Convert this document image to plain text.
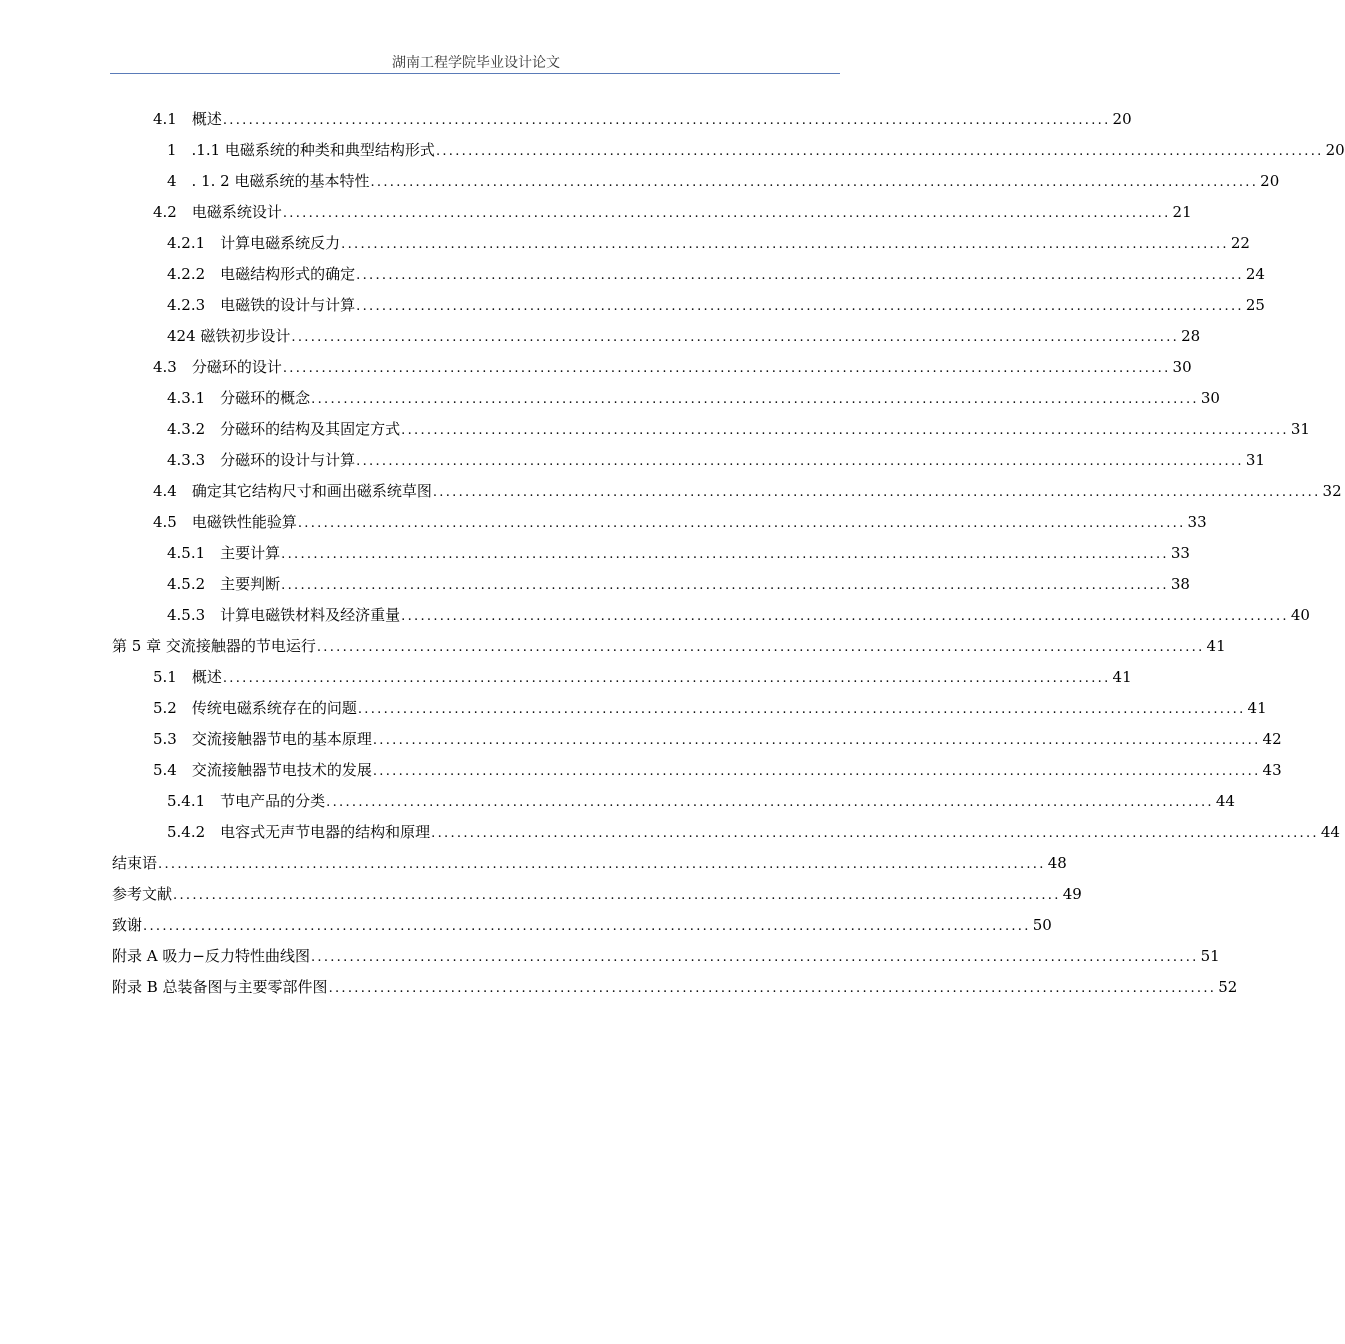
湖南工程学院毕业设计论文
4.1　概述 .......................................................................................................................................... 20
1　.1.1 电磁系统的种类和典型结构形式 .......................................................................................................................................... 20
4　. 1. 2 电磁系统的基本特性 .......................................................................................................................................... 20
4.2　电磁系统设计 .......................................................................................................................................... 21
4.2.1　计算电磁系统反力 .......................................................................................................................................... 22
4.2.2　电磁结构形式的确定 .......................................................................................................................................... 24
4.2.3　电磁铁的设计与计算 .......................................................................................................................................... 25
424 磁铁初步设计 .......................................................................................................................................... 28
4.3　分磁环的设计 .......................................................................................................................................... 30
4.3.1　分磁环的概念 .......................................................................................................................................... 30
4.3.2　分磁环的结构及其固定方式 .......................................................................................................................................... 31
4.3.3　分磁环的设计与计算 .......................................................................................................................................... 31
4.4　确定其它结构尺寸和画出磁系统草图 .......................................................................................................................................... 32
4.5　电磁铁性能验算 .......................................................................................................................................... 33
4.5.1　主要计算 .......................................................................................................................................... 33
4.5.2　主要判断 .......................................................................................................................................... 38
4.5.3　计算电磁铁材料及经济重量 .......................................................................................................................................... 40
第 5 章 交流接触器的节电运行 .......................................................................................................................................... 41
5.1　概述 .......................................................................................................................................... 41
5.2　传统电磁系统存在的问题 .......................................................................................................................................... 41
5.3　交流接触器节电的基本原理 .......................................................................................................................................... 42
5.4　交流接触器节电技术的发展 .......................................................................................................................................... 43
5.4.1　节电产品的分类 .......................................................................................................................................... 44
5.4.2　电容式无声节电器的结构和原理 .......................................................................................................................................... 44
结束语 .......................................................................................................................................... 48
参考文献 .......................................................................................................................................... 49
致谢 .......................................................................................................................................... 50
附录 A 吸力−反力特性曲线图 .......................................................................................................................................... 51
附录 B 总装备图与主要零部件图 .......................................................................................................................................... 52
